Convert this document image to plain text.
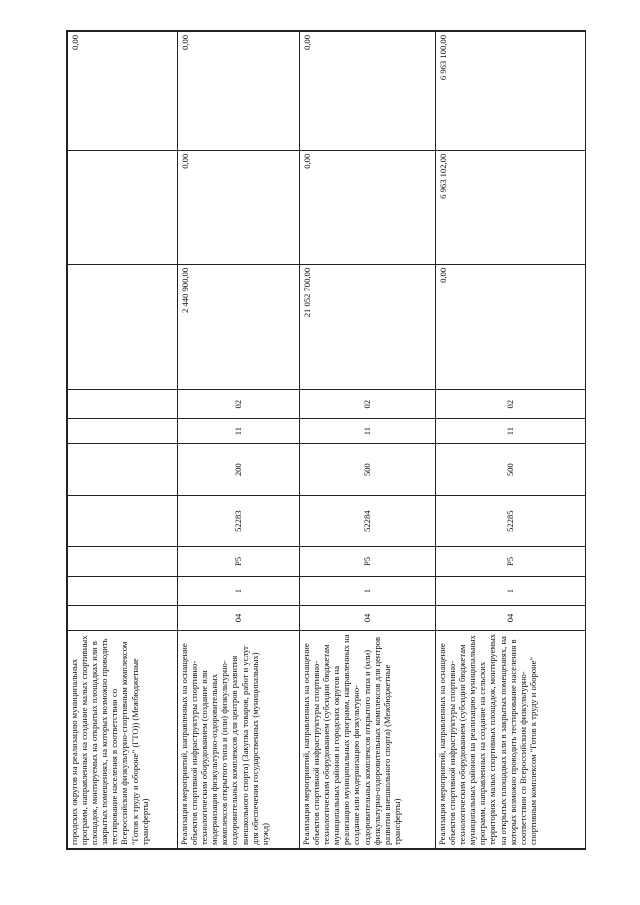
городских округов на реализацию муниципальных программ, направленных на создание малых спортивных площадок, монтируемых на открытых площадках или в закрытых помещениях, на которых возможно проводить тестирование населения в соответствии со Всероссийским физкультурно-спортивным комплексом "Готов к труду и обороне" (ГТО)) (Межбюджетные трансферты)										0,00
Реализация мероприятий, направленных на оснащение объектов спортивной инфраструктуры спортивно-технологическим оборудованием (создание или модернизация физкультурно-оздоровительных комплексов открытого типа и (или) физкультурно-оздоровительных комплексов для центров развития внешкольного спорта) (Закупка товаров, работ и услуг для обеспечения государственных (муниципальных) нужд)	04	1	P5	52283	200	11	02	2 440 900,00	0,00	0,00
Реализация мероприятий, направленных на оснащение объектов спортивной инфраструктуры спортивно-технологическим оборудованием (субсидии бюджетам муниципальных районов и городских округов на реализацию муниципальных программ, направленных на создание или модернизацию физкультурно-оздоровительных комплексов открытого типа и (или) физкультурно-оздоровительных комплексов для центров развития внешкольного спорта) (Межбюджетные трансферты)	04	1	P5	52284	500	11	02	21 052 700,00	0,00	0,00
Реализация мероприятий, направленных на оснащение объектов спортивной инфраструктуры спортивно-технологическим оборудованием (субсидии бюджетам муниципальных районов на реализацию муниципальных программ, направленных на создание на сельских территориях малых спортивных площадок, монтируемых на открытых площадках или в закрытых помещениях, на которых возможно проводить тестирование населения в соответствии со Всероссийским физкультурно-спортивным комплексом "Готов к труду и обороне"	04	1	P5	52285	500	11	02	0,00	6 963 102,00	6 963 100,00
